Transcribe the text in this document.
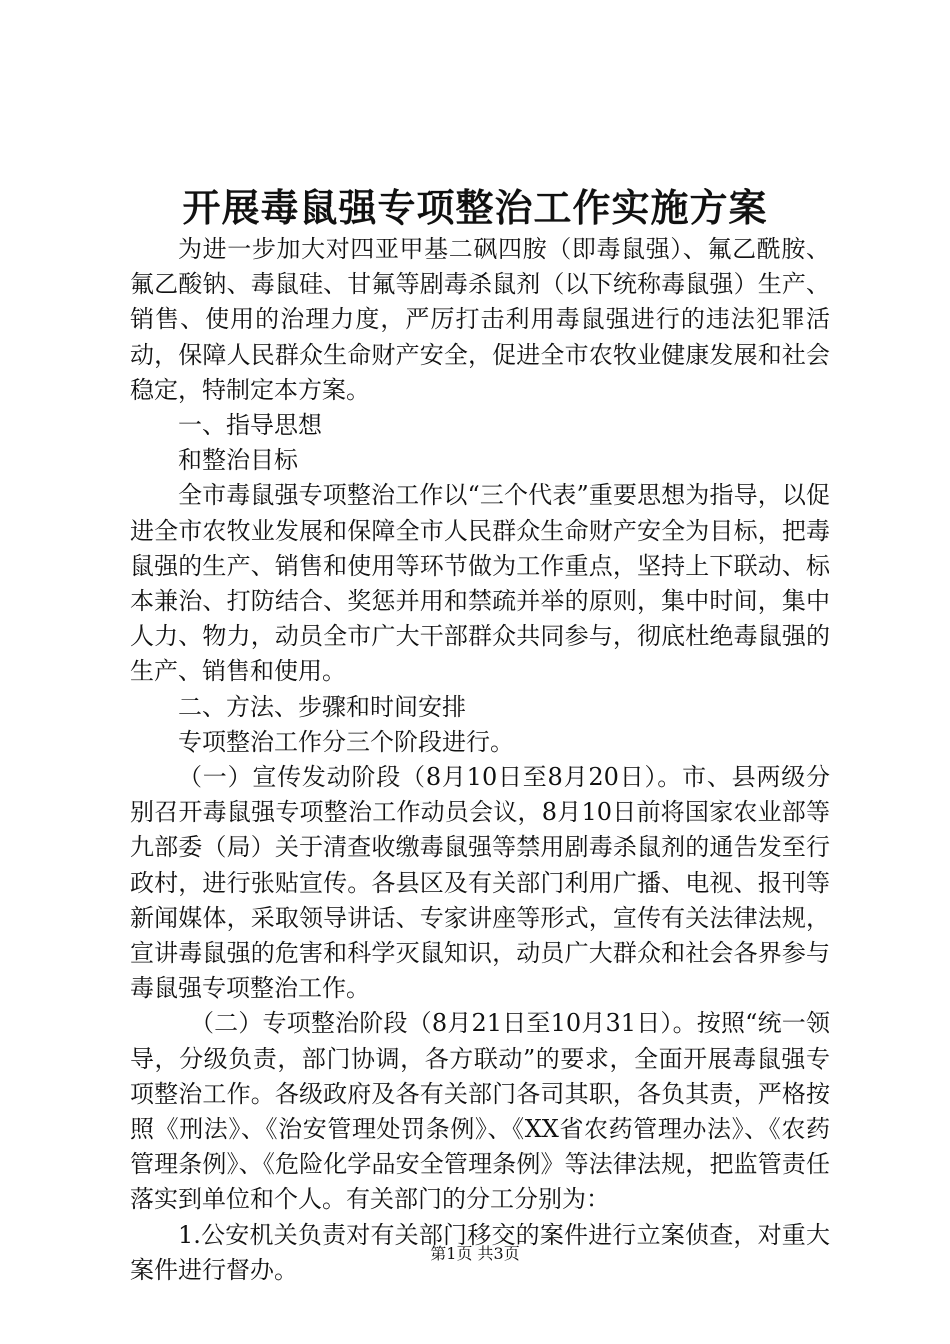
开展毒鼠强专项整治工作实施方案

为进一步加大对四亚甲基二砜四胺（即毒鼠强）、氟乙酰胺、氟乙酸钠、毒鼠硅、甘氟等剧毒杀鼠剂（以下统称毒鼠强）生产、销售、使用的治理力度，严厉打击利用毒鼠强进行的违法犯罪活动，保障人民群众生命财产安全，促进全市农牧业健康发展和社会稳定，特制定本方案。

一、指导思想

和整治目标

全市毒鼠强专项整治工作以“三个代表”重要思想为指导，以促进全市农牧业发展和保障全市人民群众生命财产安全为目标，把毒鼠强的生产、销售和使用等环节做为工作重点，坚持上下联动、标本兼治、打防结合、奖惩并用和禁疏并举的原则，集中时间，集中人力、物力，动员全市广大干部群众共同参与，彻底杜绝毒鼠强的生产、销售和使用。

二、方法、步骤和时间安排

专项整治工作分三个阶段进行。

（一）宣传发动阶段（8月10日至8月20日）。市、县两级分别召开毒鼠强专项整治工作动员会议，8月10日前将国家农业部等九部委（局）关于清查收缴毒鼠强等禁用剧毒杀鼠剂的通告发至行政村，进行张贴宣传。各县区及有关部门利用广播、电视、报刊等新闻媒体，采取领导讲话、专家讲座等形式，宣传有关法律法规，宣讲毒鼠强的危害和科学灭鼠知识，动员广大群众和社会各界参与毒鼠强专项整治工作。

（二）专项整治阶段（8月21日至10月31日）。按照“统一领导，分级负责，部门协调，各方联动”的要求，全面开展毒鼠强专项整治工作。各级政府及各有关部门各司其职，各负其责，严格按照《刑法》、《治安管理处罚条例》、《XX省农药管理办法》、《农药管理条例》、《危险化学品安全管理条例》等法律法规，把监管责任落实到单位和个人。有关部门的分工分别为：

1.公安机关负责对有关部门移交的案件进行立案侦查，对重大案件进行督办。

第1页 共3页
